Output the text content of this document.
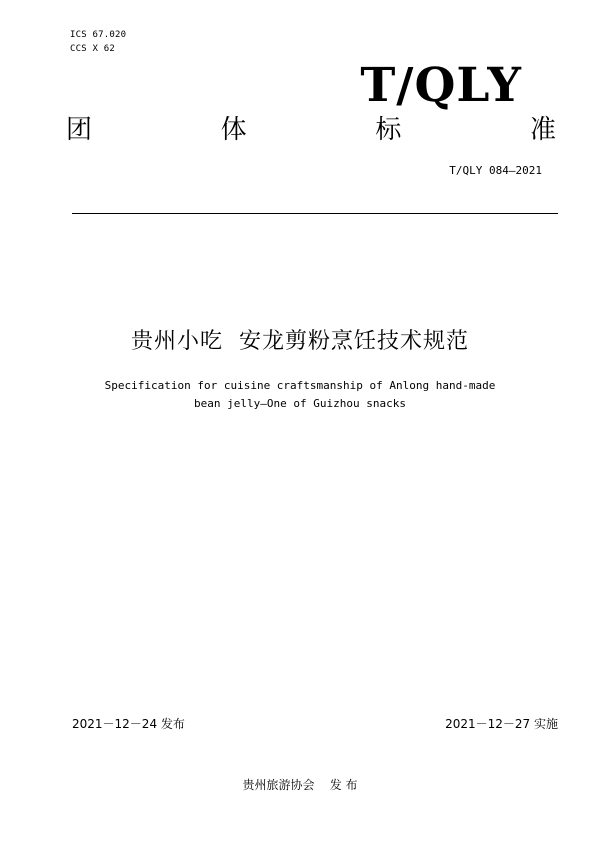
ICS 67.020
CCS X 62
T/QLY
团	体	标	准
T/QLY 084—2021
贵州小吃  安龙剪粉烹饪技术规范
Specification for cuisine craftsmanship of Anlong hand-made
bean jelly—One of Guizhou snacks
2021－12－24 发布	2021－12－27 实施
贵州旅游协会    发 布
